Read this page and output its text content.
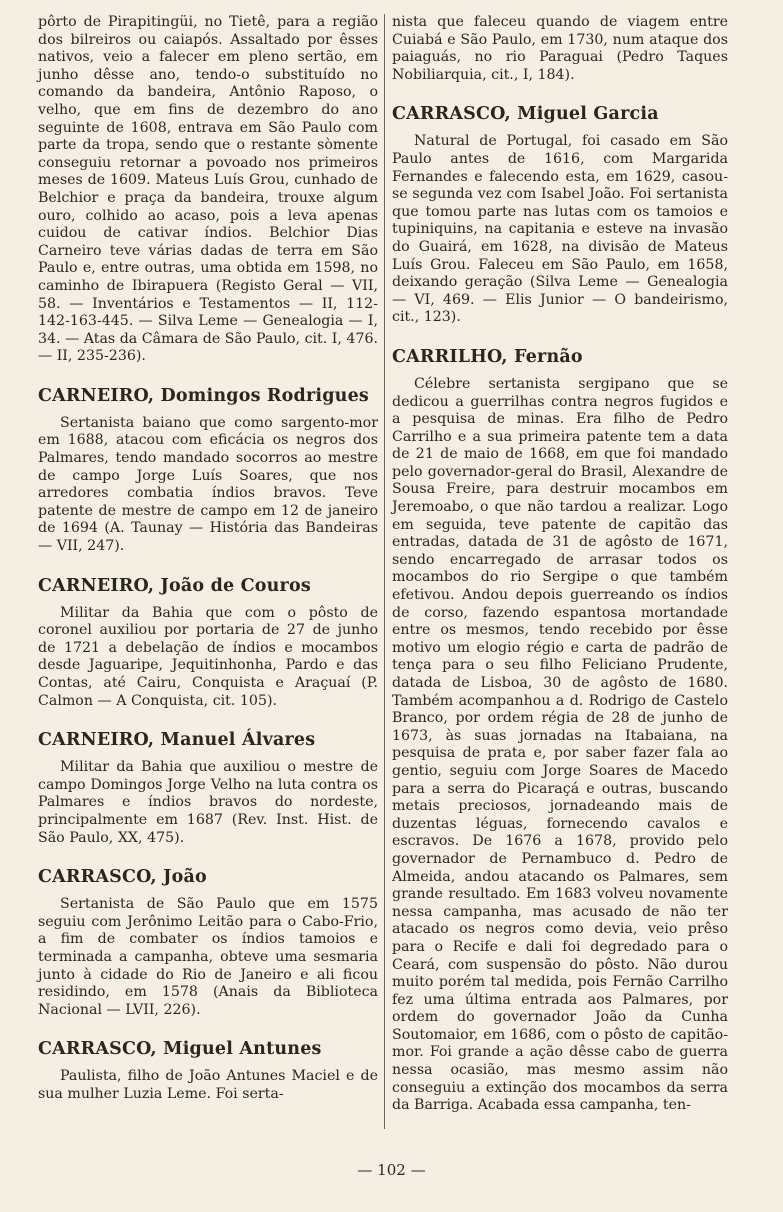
pôrto de Pirapitingüi, no Tietê, para a região dos bilreiros ou caiapós. Assaltado por êsses nativos, veio a falecer em pleno sertão, em junho dêsse ano, tendo-o substituído no comando da bandeira, Antônio Raposo, o velho, que em fins de dezembro do ano seguinte de 1608, entrava em São Paulo com parte da tropa, sendo que o restante sòmente conseguiu retornar a povoado nos primeiros meses de 1609. Mateus Luís Grou, cunhado de Belchior e praça da bandeira, trouxe algum ouro, colhido ao acaso, pois a leva apenas cuidou de cativar índios. Belchior Dias Carneiro teve várias dadas de terra em São Paulo e, entre outras, uma obtida em 1598, no caminho de Ibirapuera (Registo Geral — VII, 58. — Inventários e Testamentos — II, 112-142-163-445. — Silva Leme — Genealogia — I, 34. — Atas da Câmara de São Paulo, cit. I, 476. — II, 235-236).

CARNEIRO, Domingos Rodrigues

Sertanista baiano que como sargento-mor em 1688, atacou com eficácia os negros dos Palmares, tendo mandado socorros ao mestre de campo Jorge Luís Soares, que nos arredores combatia índios bravos. Teve patente de mestre de campo em 12 de janeiro de 1694 (A. Taunay — História das Bandeiras — VII, 247).

CARNEIRO, João de Couros

Militar da Bahia que com o pôsto de coronel auxiliou por portaria de 27 de junho de 1721 a debelação de índios e mocambos desde Jaguaripe, Jequitinhonha, Pardo e das Contas, até Cairu, Conquista e Araçuaí (P. Calmon — A Conquista, cit. 105).

CARNEIRO, Manuel Álvares

Militar da Bahia que auxiliou o mestre de campo Domingos Jorge Velho na luta contra os Palmares e índios bravos do nordeste, principalmente em 1687 (Rev. Inst. Hist. de São Paulo, XX, 475).

CARRASCO, João

Sertanista de São Paulo que em 1575 seguiu com Jerônimo Leitão para o Cabo-Frio, a fim de combater os índios tamoios e terminada a campanha, obteve uma sesmaria junto à cidade do Rio de Janeiro e ali ficou residindo, em 1578 (Anais da Biblioteca Nacional — LVII, 226).

CARRASCO, Miguel Antunes

Paulista, filho de João Antunes Maciel e de sua mulher Luzia Leme. Foi serta-

nista que faleceu quando de viagem entre Cuiabá e São Paulo, em 1730, num ataque dos paiaguás, no rio Paraguai (Pedro Taques Nobiliarquia, cit., I, 184).

CARRASCO, Miguel Garcia

Natural de Portugal, foi casado em São Paulo antes de 1616, com Margarida Fernandes e falecendo esta, em 1629, casou-se segunda vez com Isabel João. Foi sertanista que tomou parte nas lutas com os tamoios e tupiniquins, na capitania e esteve na invasão do Guairá, em 1628, na divisão de Mateus Luís Grou. Faleceu em São Paulo, em 1658, deixando geração (Silva Leme — Genealogia — VI, 469. — Elis Junior — O bandeirismo, cit., 123).

CARRILHO, Fernão

Célebre sertanista sergipano que se dedicou a guerrilhas contra negros fugidos e a pesquisa de minas. Era filho de Pedro Carrilho e a sua primeira patente tem a data de 21 de maio de 1668, em que foi mandado pelo governador-geral do Brasil, Alexandre de Sousa Freire, para destruir mocambos em Jeremoabo, o que não tardou a realizar. Logo em seguida, teve patente de capitão das entradas, datada de 31 de agôsto de 1671, sendo encarregado de arrasar todos os mocambos do rio Sergipe o que também efetivou. Andou depois guerreando os índios de corso, fazendo espantosa mortandade entre os mesmos, tendo recebido por êsse motivo um elogio régio e carta de padrão de tença para o seu filho Feliciano Prudente, datada de Lisboa, 30 de agôsto de 1680. Também acompanhou a d. Rodrigo de Castelo Branco, por ordem régia de 28 de junho de 1673, às suas jornadas na Itabaiana, na pesquisa de prata e, por saber fazer fala ao gentio, seguiu com Jorge Soares de Macedo para a serra do Picaraçá e outras, buscando metais preciosos, jornadeando mais de duzentas léguas, fornecendo cavalos e escravos. De 1676 a 1678, provido pelo governador de Pernambuco d. Pedro de Almeida, andou atacando os Palmares, sem grande resultado. Em 1683 volveu novamente nessa campanha, mas acusado de não ter atacado os negros como devia, veio prêso para o Recife e dali foi degredado para o Ceará, com suspensão do pôsto. Não durou muito porém tal medida, pois Fernão Carrilho fez uma última entrada aos Palmares, por ordem do governador João da Cunha Soutomaior, em 1686, com o pôsto de capitão-mor. Foi grande a ação dêsse cabo de guerra nessa ocasião, mas mesmo assim não conseguiu a extinção dos mocambos da serra da Barriga. Acabada essa campanha, ten-

— 102 —
